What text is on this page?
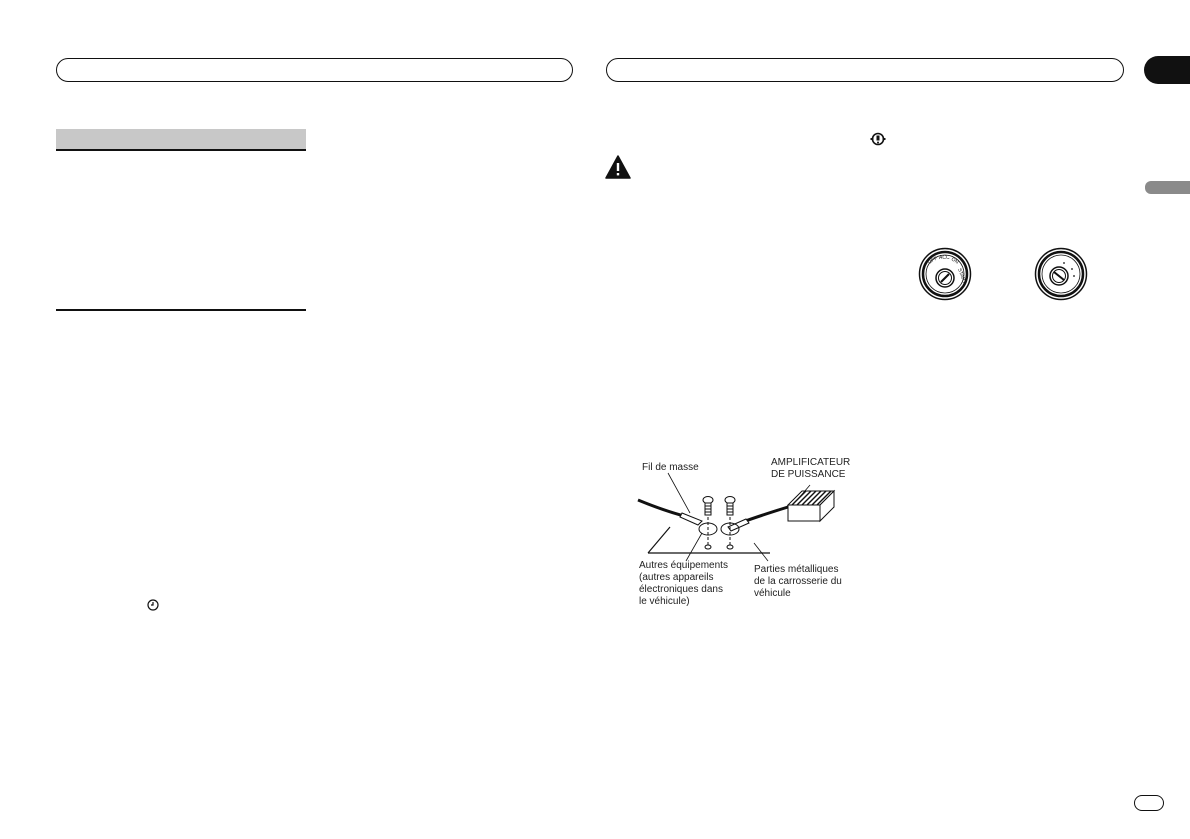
OFF ACC ON
START
Fil de masse	AMPLIFICATEUR
DE PUISSANCE
Autres équipements
(autres appareils
électroniques dans
le véhicule)
Parties métalliques
de la carrosserie du
véhicule
